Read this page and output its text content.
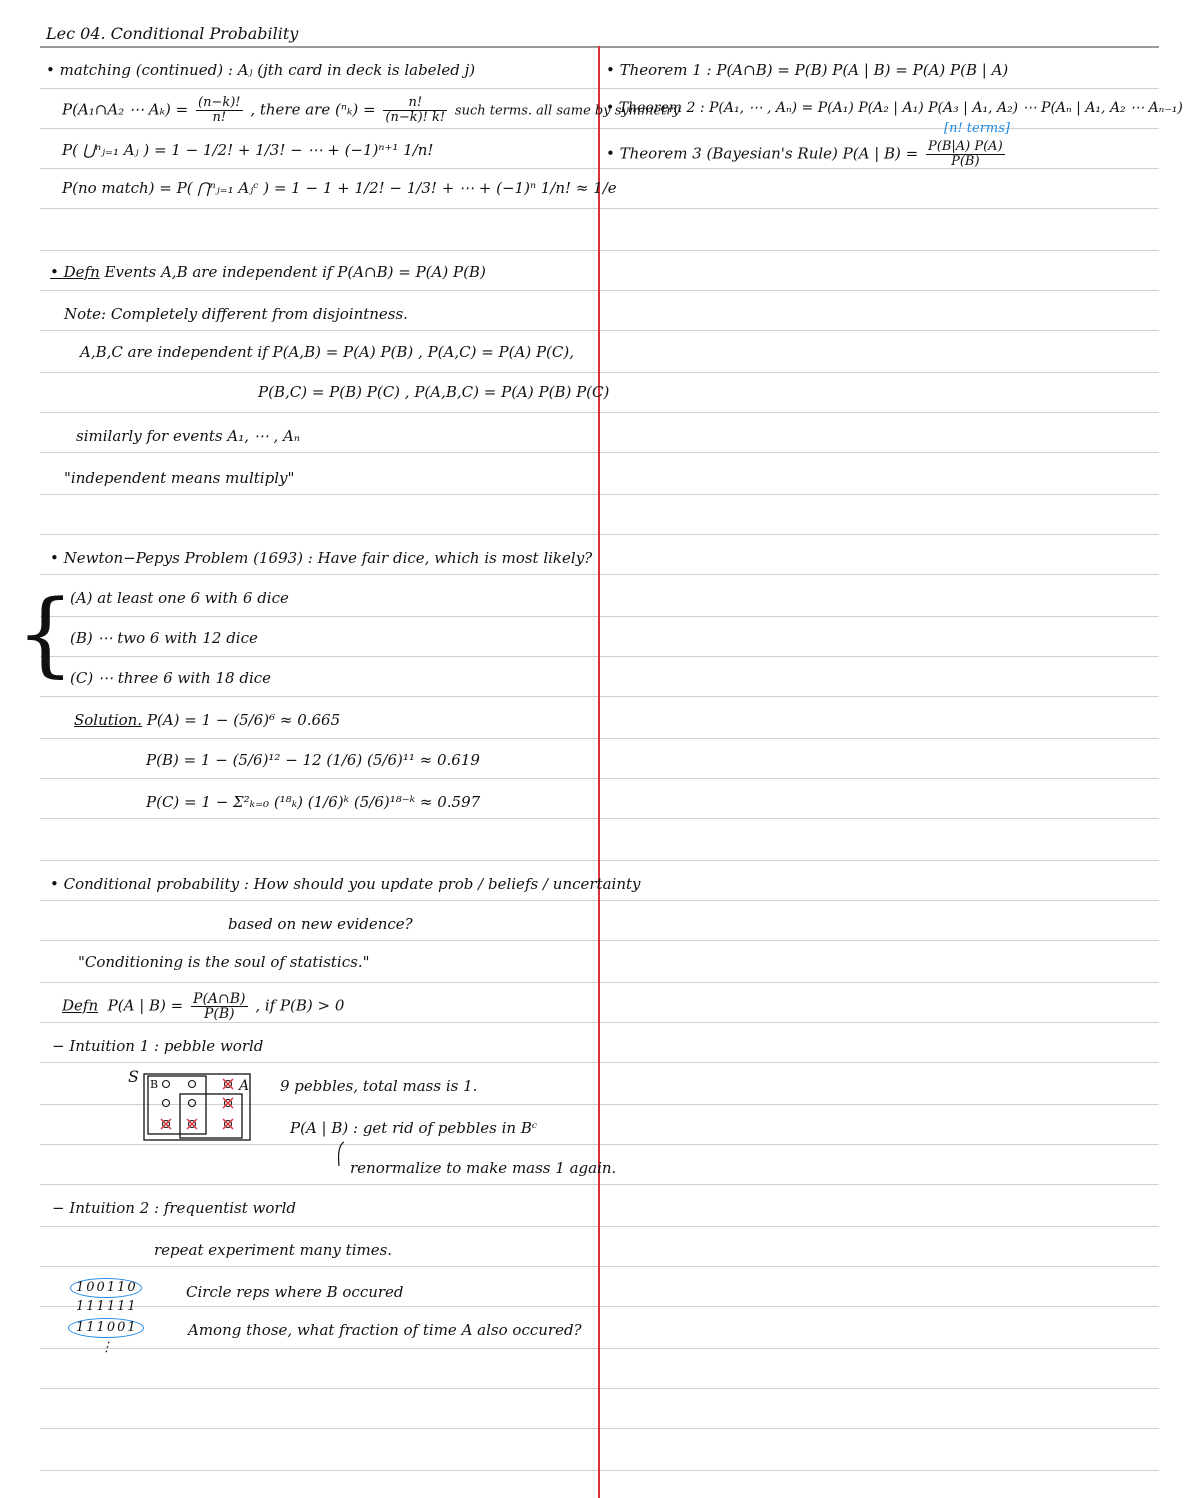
Lec 04. Conditional Probability
• matching (continued) : Aⱼ (jth card in deck is labeled j)
P(A₁∩A₂ ⋯ $A_k) = \frac{(n-k)!}{n!}$ , there are $(^n_k) = \frac{n!}{(n-k)! k!}$ such terms. all same by symmetry
P( ⋃ⁿⱼ₌₁ Aⱼ ) = 1 − 1/2! + 1/3! − ⋯ + (−1)ⁿ⁺¹ 1/n!
P(no match) = P( ⋂ⁿⱼ₌₁ Aⱼᶜ ) = 1 − 1 + 1/2! − 1/3! + ⋯ + (−1)ⁿ 1/n! ≈ 1/e
• Defn Events A,B are independent if P(A∩B) = P(A) P(B)
Note: Completely different from disjointness.
A,B,C are independent if P(A,B) = P(A) P(B) , P(A,C) = P(A) P(C),
P(B,C) = P(B) P(C) , P(A,B,C) = P(A) P(B) P(C)
similarly for events A₁, ⋯ , Aₙ
"independent means multiply"
• Newton−Pepys Problem (1693) : Have fair dice, which is most likely?
{
(A) at least one 6 with 6 dice
(B) ⋯ two 6 with 12 dice
(C) ⋯ three 6 with 18 dice
Solution. P(A) = 1 − (5/6)⁶ ≈ 0.665
P(B) = 1 − (5/6)¹² − 12 (1/6) (5/6)¹¹ ≈ 0.619
P(C) = 1 − Σ²ₖ₌₀ (¹⁸ₖ) (1/6)ᵏ (5/6)¹⁸⁻ᵏ ≈ 0.597
• Conditional probability : How should you update prob / beliefs / uncertainty
based on new evidence?
"Conditioning is the soul of statistics."
Defn P(A | $B) = \frac{P(A\cap B)}{P(B)}$ , if P(B) > 0
− Intuition 1 : pebble world
S B	A 9 pebbles, total mass is 1.
P(A | B) : get rid of pebbles in Bᶜ
renormalize to make mass 1 again.
− Intuition 2 : frequentist world
repeat experiment many times.
Circle reps where B occured
Among those, what fraction of time A also occured?
100110
111111
111001
⋮
• Theorem 1 : P(A∩B) = P(B) P(A | B) = P(A) P(B | A)
• Theorem 2 : P(A₁, ⋯ , Aₙ) = P(A₁) P(A₂ | A₁) P(A₃ | A₁, A₂) ⋯ P(Aₙ | A₁, A₂ ⋯ Aₙ₋₁)
[n! terms]
• Theorem 3 (Bayesian's Rule) P(A | $B) = \frac{P(B|A) P(A)}{P(B)}$
